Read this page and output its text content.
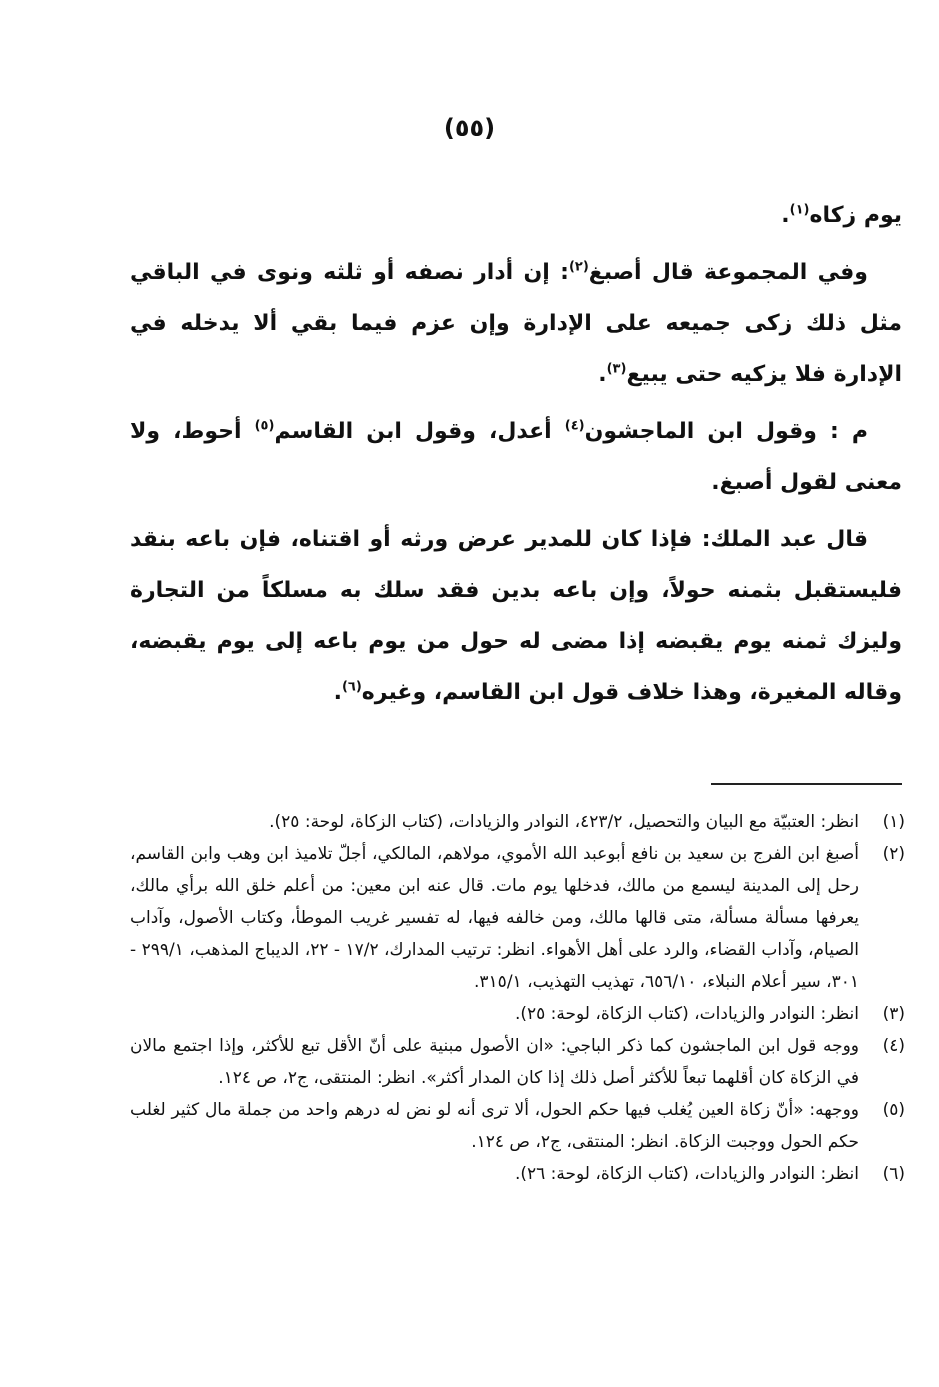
(٥٥)

يوم زكاه$^{(١)}$.

وفي المجموعة قال أصبغ$^{(٢)}$: إن أدار نصفه أو ثلثه ونوى في الباقي مثل ذلك زكى جميعه على الإدارة وإن عزم فيما بقي ألا يدخله في الإدارة فلا يزكيه حتى يبيع$^{(٣)}$.

م : وقول ابن الماجشون$^{(٤)}$ أعدل، وقول ابن القاسم$^{(٥)}$ أحوط، ولا معنى لقول أصبغ.

قال عبد الملك: فإذا كان للمدير عرض ورثه أو اقتناه، فإن باعه بنقد فليستقبل بثمنه حولاً، وإن باعه بدين فقد سلك به مسلكاً من التجارة وليزك ثمنه يوم يقبضه إذا مضى له حول من يوم باعه إلى يوم يقبضه، وقاله المغيرة، وهذا خلاف قول ابن القاسم، وغيره$^{(٦)}$.

(١)
انظر: العتبيّة مع البيان والتحصيل، ٤٢٣/٢، النوادر والزيادات، (كتاب الزكاة، لوحة: ٢٥).
(٢)
أصبغ ابن الفرج بن سعيد بن نافع أبوعبد الله الأموي، مولاهم، المالكي، أجلّ تلاميذ ابن وهب وابن القاسم، رحل إلى المدينة ليسمع من مالك، فدخلها يوم مات. قال عنه ابن معين: من أعلم خلق الله برأي مالك، يعرفها مسألة مسألة، متى قالها مالك، ومن خالفه فيها، له تفسير غريب الموطأ، وكتاب الأصول، وآداب الصيام، وآداب القضاء، والرد على أهل الأهواء. انظر: ترتيب المدارك، ١٧/٢ - ٢٢، الديباج المذهب، ٢٩٩/١ - ٣٠١، سير أعلام النبلاء، ٦٥٦/١٠، تهذيب التهذيب، ٣١٥/١.
(٣)
انظر: النوادر والزيادات، (كتاب الزكاة، لوحة: ٢٥).
(٤)
ووجه قول ابن الماجشون كما ذكر الباجي: «ان الأصول مبنية على أنّ الأقل تبع للأكثر، وإذا اجتمع مالان في الزكاة كان أقلهما تبعاً للأكثر أصل ذلك إذا كان المدار أكثر». انظر: المنتقى، ج٢، ص ١٢٤.
(٥)
ووجهه: «أنّ زكاة العين يُغلب فيها حكم الحول، ألا ترى أنه لو نض له درهم واحد من جملة مال كثير لغلب حكم الحول ووجبت الزكاة. انظر: المنتقى، ج٢، ص ١٢٤.
(٦)
انظر: النوادر والزيادات، (كتاب الزكاة، لوحة: ٢٦).
